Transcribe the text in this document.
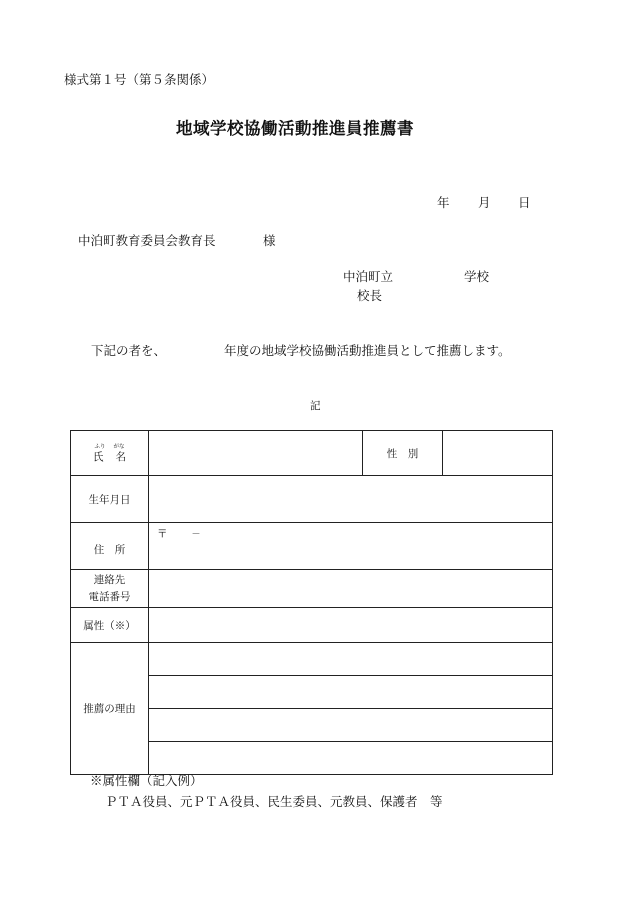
様式第１号（第５条関係）
地域学校協働活動推進員推薦書
年 月 日
中泊町教育委員会教育長	様
中泊町立	学校
校長
下記の者を、	年度の地域学校協働活動推進員として推薦します。
記
ふり がな
氏 名		性　別	
生年月日	
住　所	〒	－
連絡先
電話番号	
属性（※）	
推薦の理由	

※属性欄（記入例）
ＰＴＡ役員、元ＰＴＡ役員、民生委員、元教員、保護者　等
